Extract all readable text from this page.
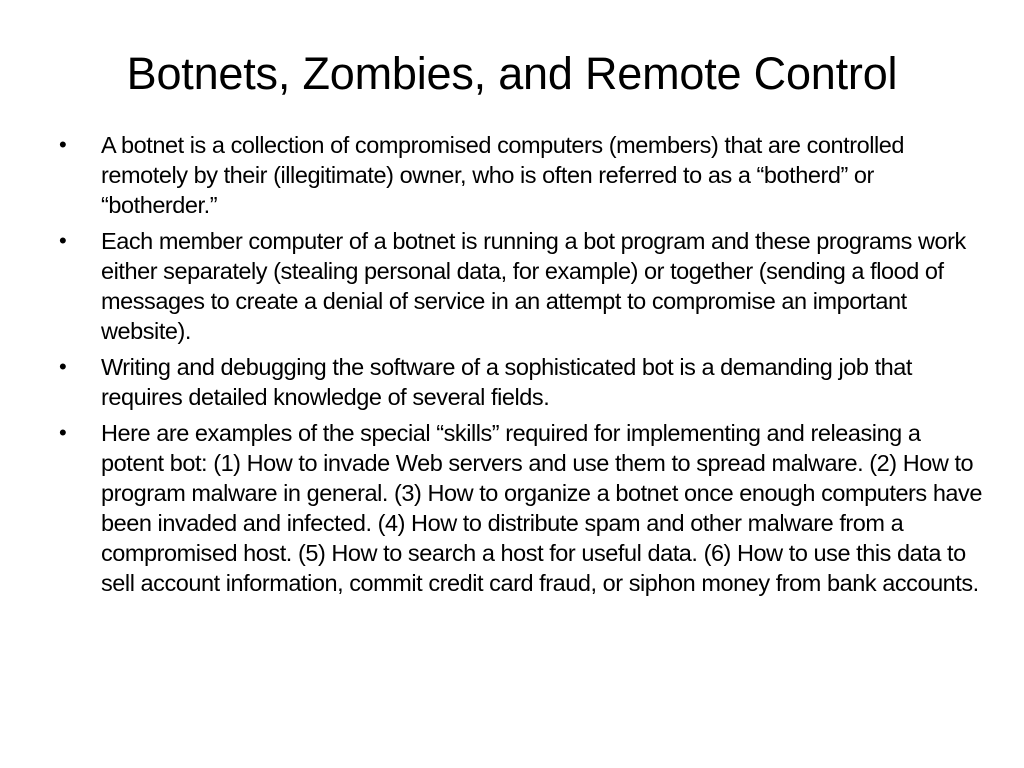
Botnets, Zombies, and Remote Control
• A botnet is a collection of compromised computers (members) that are controlled remotely by their (illegitimate) owner, who is often referred to as a “botherd” or “botherder.”
• Each member computer of a botnet is running a bot program and these programs work either separately (stealing personal data, for example) or together (sending a flood of messages to create a denial of service in an attempt to compromise an important website).
• Writing and debugging the software of a sophisticated bot is a demanding job that requires detailed knowledge of several fields.
• Here are examples of the special “skills” required for implementing and releasing a potent bot: (1) How to invade Web servers and use them to spread malware. (2) How to program malware in general. (3) How to organize a botnet once enough computers have been invaded and infected. (4) How to distribute spam and other malware from a compromised host. (5) How to search a host for useful data. (6) How to use this data to sell account information, commit credit card fraud, or siphon money from bank accounts.
